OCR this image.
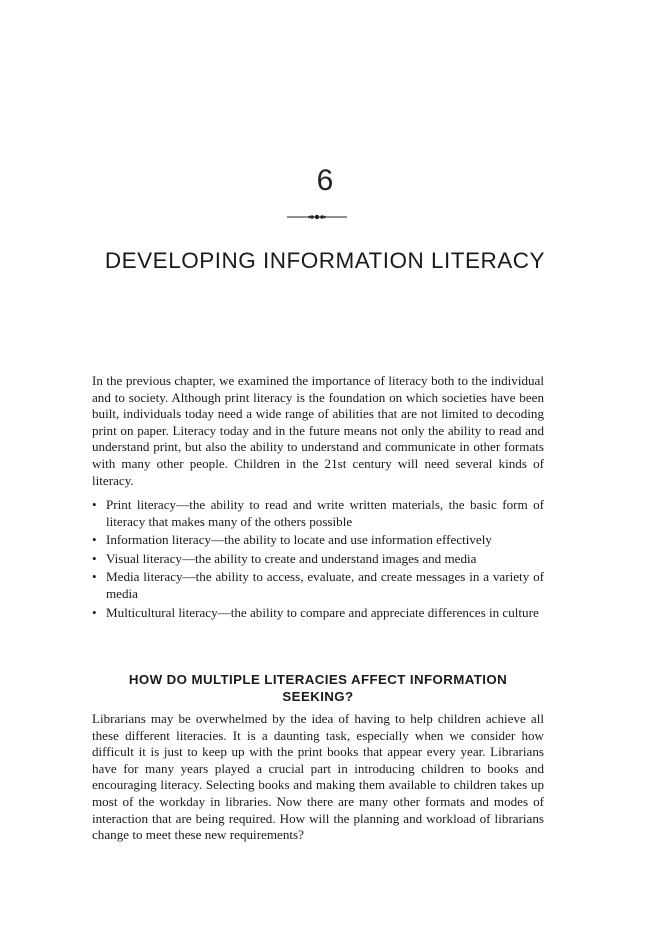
6
DEVELOPING INFORMATION LITERACY

In the previous chapter, we examined the importance of literacy both to the individual and to society. Although print literacy is the foundation on which societies have been built, individuals today need a wide range of abilities that are not limited to decoding print on paper. Literacy today and in the future means not only the ability to read and understand print, but also the ability to understand and communicate in other formats with many other people. Children in the 21st century will need several kinds of literacy.

• Print literacy—the ability to read and write written materials, the basic form of literacy that makes many of the others possible
• Information literacy—the ability to locate and use information effectively
• Visual literacy—the ability to create and understand images and media
• Media literacy—the ability to access, evaluate, and create messages in a variety of media
• Multicultural literacy—the ability to compare and appreciate differences in culture
HOW DO MULTIPLE LITERACIES AFFECT INFORMATION SEEKING?

Librarians may be overwhelmed by the idea of having to help children achieve all these different literacies. It is a daunting task, especially when we consider how difficult it is just to keep up with the print books that appear every year. Librarians have for many years played a crucial part in introducing children to books and encouraging literacy. Selecting books and making them available to children takes up most of the workday in libraries. Now there are many other formats and modes of interaction that are being required. How will the planning and workload of librarians change to meet these new requirements?
